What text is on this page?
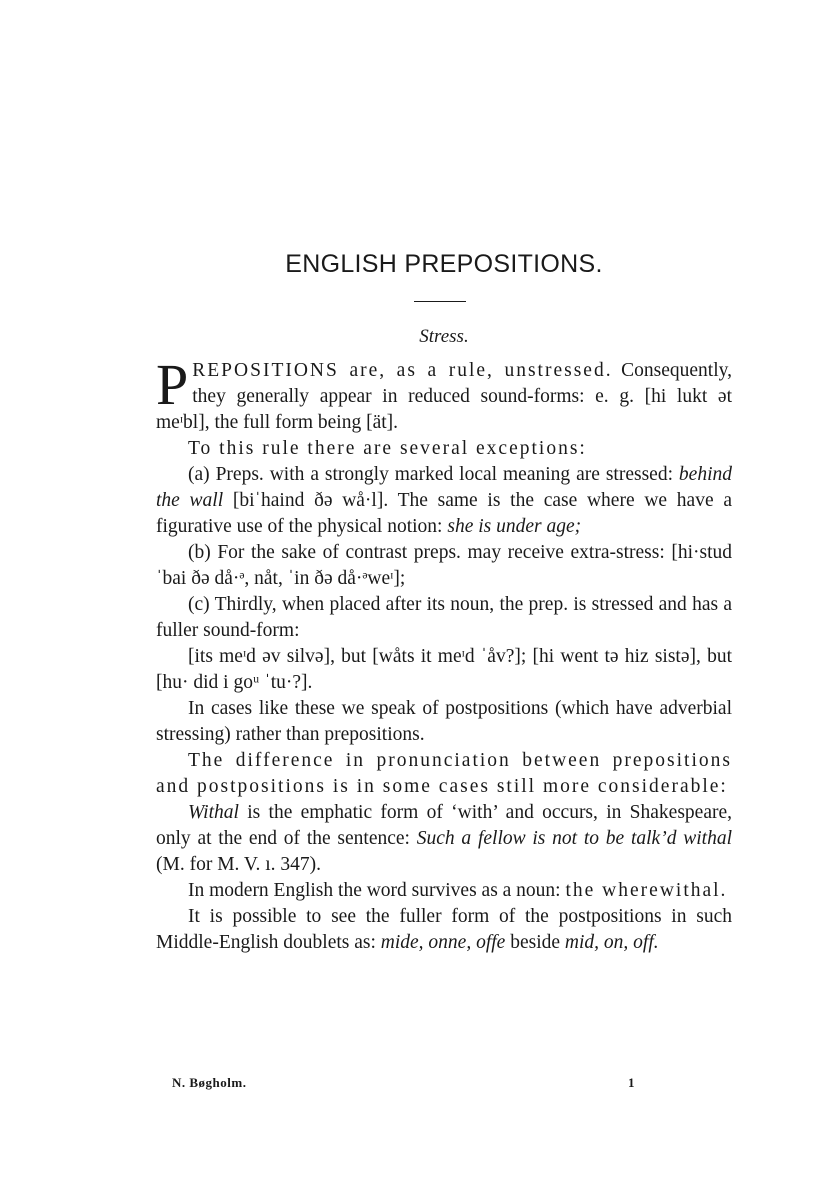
ENGLISH PREPOSITIONS.
Stress.

PREPOSITIONS are, as a rule, unstressed. Consequently, they generally appear in reduced sound-forms: e. g. [hi lukt ət meᶦbl], the full form being [ät].

To this rule there are several exceptions:

(a) Preps. with a strongly marked local meaning are stressed: behind the wall [biˈhaind ðə wå·l]. The same is the case where we have a figurative use of the physical notion: she is under age;

(b) For the sake of contrast preps. may receive extra-stress: [hi·stud ˈbai ðə då·ᵊ, nåt, ˈin ðə då·ᵊweᶦ];

(c) Thirdly, when placed after its noun, the prep. is stressed and has a fuller sound-form:

[its meᶦd əv silvə], but [wåts it meᶦd ˈåv?]; [hi went tə hiz sistə], but [hu· did i goᵘ ˈtu·?].

In cases like these we speak of postpositions (which have adverbial stressing) rather than prepositions.

The difference in pronunciation between prepositions and postpositions is in some cases still more considerable:

Withal is the emphatic form of ‘with’ and occurs, in Shakespeare, only at the end of the sentence: Such a fellow is not to be talk’d withal (M. for M. V. ı. 347).

In modern English the word survives as a noun: the wherewithal.

It is possible to see the fuller form of the postpositions in such Middle-English doublets as: mide, onne, offe beside mid, on, off.

N. Bøgholm.	1
